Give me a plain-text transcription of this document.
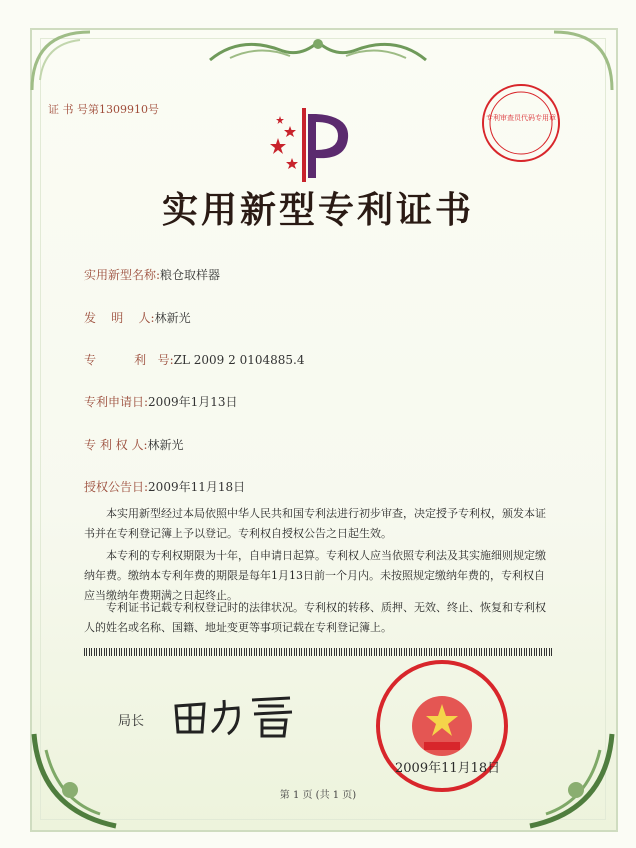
证 书 号第1309910号
专利审查员代码专用章
实用新型专利证书
实用新型名称:粮仓取样器
发    明    人:林新光
专          利   号:ZL 2009 2 0104885.4
专利申请日:2009年1月13日
专 利 权 人:林新光
授权公告日:2009年11月18日
本实用新型经过本局依照中华人民共和国专利法进行初步审查，决定授予专利权，颁发本证书并在专利登记簿上予以登记。专利权自授权公告之日起生效。
本专利的专利权期限为十年，自申请日起算。专利权人应当依照专利法及其实施细则规定缴纳年费。缴纳本专利年费的期限是每年1月13日前一个月内。未按照规定缴纳年费的，专利权自应当缴纳年费期满之日起终止。
专利证书记载专利权登记时的法律状况。专利权的转移、质押、无效、终止、恢复和专利权人的姓名或名称、国籍、地址变更等事项记载在专利登记簿上。
局长
2009年11月18日
第 1 页 (共 1 页)
